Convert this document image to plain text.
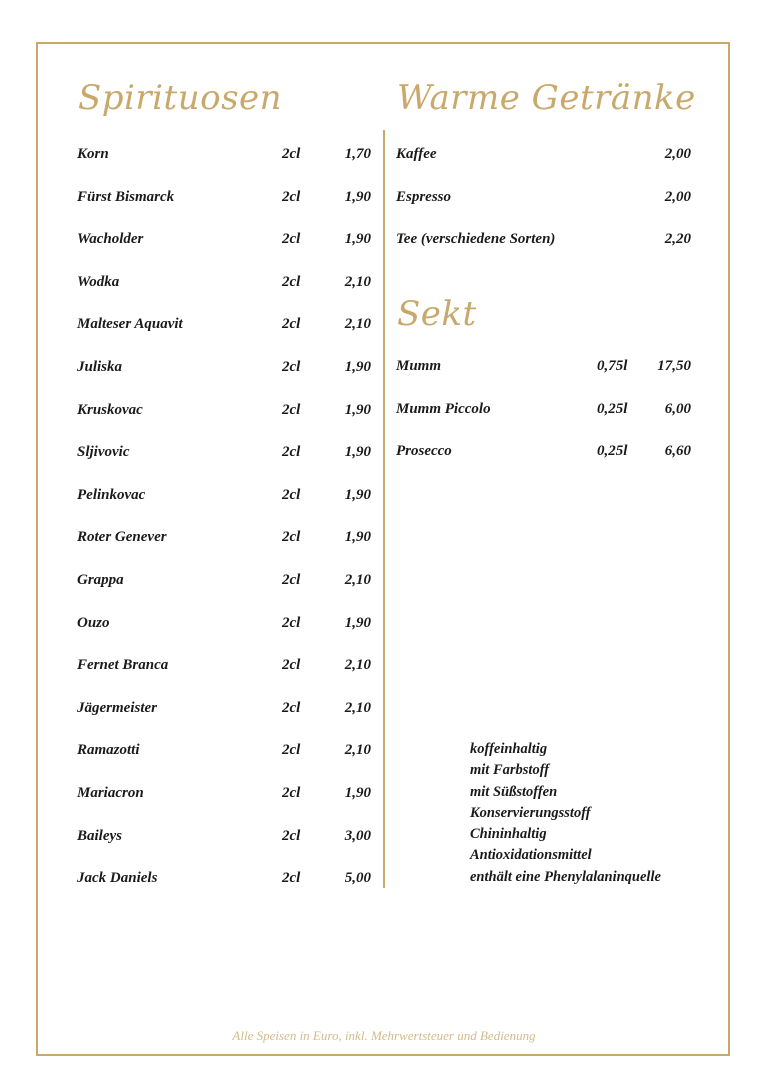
Spirituosen	Warme Getränke
Sekt
Korn	2cl	1,70
Fürst Bismarck	2cl	1,90
Wacholder	2cl	1,90
Wodka	2cl	2,10
Malteser Aquavit	2cl	2,10
Juliska	2cl	1,90
Kruskovac	2cl	1,90
Sljivovic	2cl	1,90
Pelinkovac	2cl	1,90
Roter Genever	2cl	1,90
Grappa	2cl	2,10
Ouzo	2cl	1,90
Fernet Branca	2cl	2,10
Jägermeister	2cl	2,10
Ramazotti	2cl	2,10
Mariacron	2cl	1,90
Baileys	2cl	3,00
Jack Daniels	2cl	5,00
Kaffee	2,00
Espresso	2,00
Tee (verschiedene Sorten)	2,20
Mumm	0,75l 17,50
Mumm Piccolo	0,25l 6,00
Prosecco	0,25l 6,60
koffeinhaltig
mit Farbstoff
mit Süßstoffen
Konservierungsstoff
Chininhaltig
Antioxidationsmittel
enthält eine Phenylalaninquelle
Alle Speisen in Euro, inkl. Mehrwertsteuer und Bedienung
